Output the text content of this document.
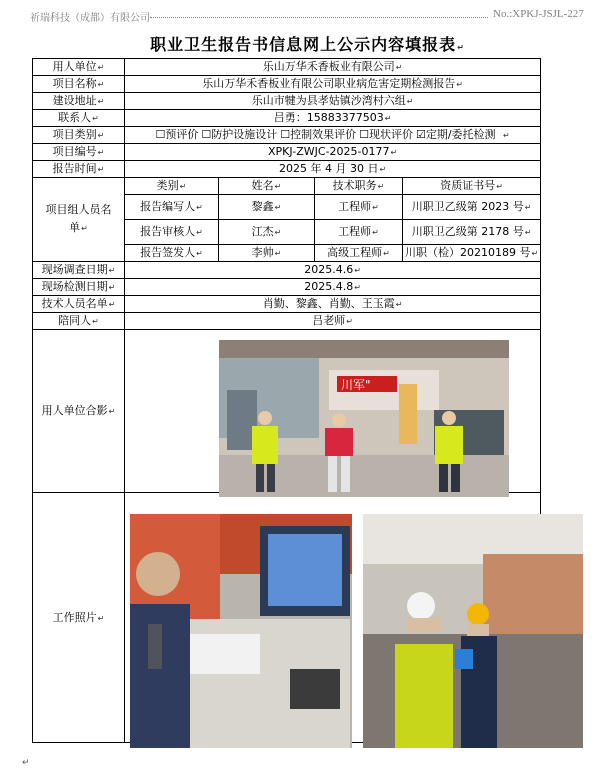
祈瑞科技（成都）有限公司	No.:XPKJ-JSJL-227
职业卫生报告书信息网上公示内容填报表 ↵
用人单位 ↵	乐山万华禾香板业有限公司 ↵
项目名称 ↵	乐山万华禾香板业有限公司职业病危害定期检测报告 ↵
建设地址 ↵	乐山市犍为县孝姑镇沙湾村六组 ↵
联系人 ↵	吕勇：15883377503 ↵
项目类别 ↵	☐预评价 ☐防护设施设计 ☐控制效果评价 ☐现状评价 ☑定期/委托检测 ↵
项目编号 ↵	XPKJ-ZWJC-2025-0177 ↵
报告时间 ↵	2025 年 4 月 30 日 ↵
项目组人员名单 ↵	类别 ↵	姓名 ↵	技术职务 ↵	资质证书号 ↵
	报告编写人 ↵	黎鑫 ↵	工程师 ↵	川职卫乙级第 2023 号 ↵
	报告审核人 ↵	江杰 ↵	工程师 ↵	川职卫乙级第 2178 号 ↵
	报告签发人 ↵	李帅 ↵	高级工程师 ↵	川职（检）20210189 号 ↵
现场调查日期 ↵	2025.4.6 ↵
现场检测日期 ↵	2025.4.8 ↵
技术人员名单 ↵	肖勤、黎鑫、肖勤、王玉霞 ↵
陪同人 ↵	吕老师 ↵
用人单位合影 ↵	
工作照片 ↵	
川军"
↵
